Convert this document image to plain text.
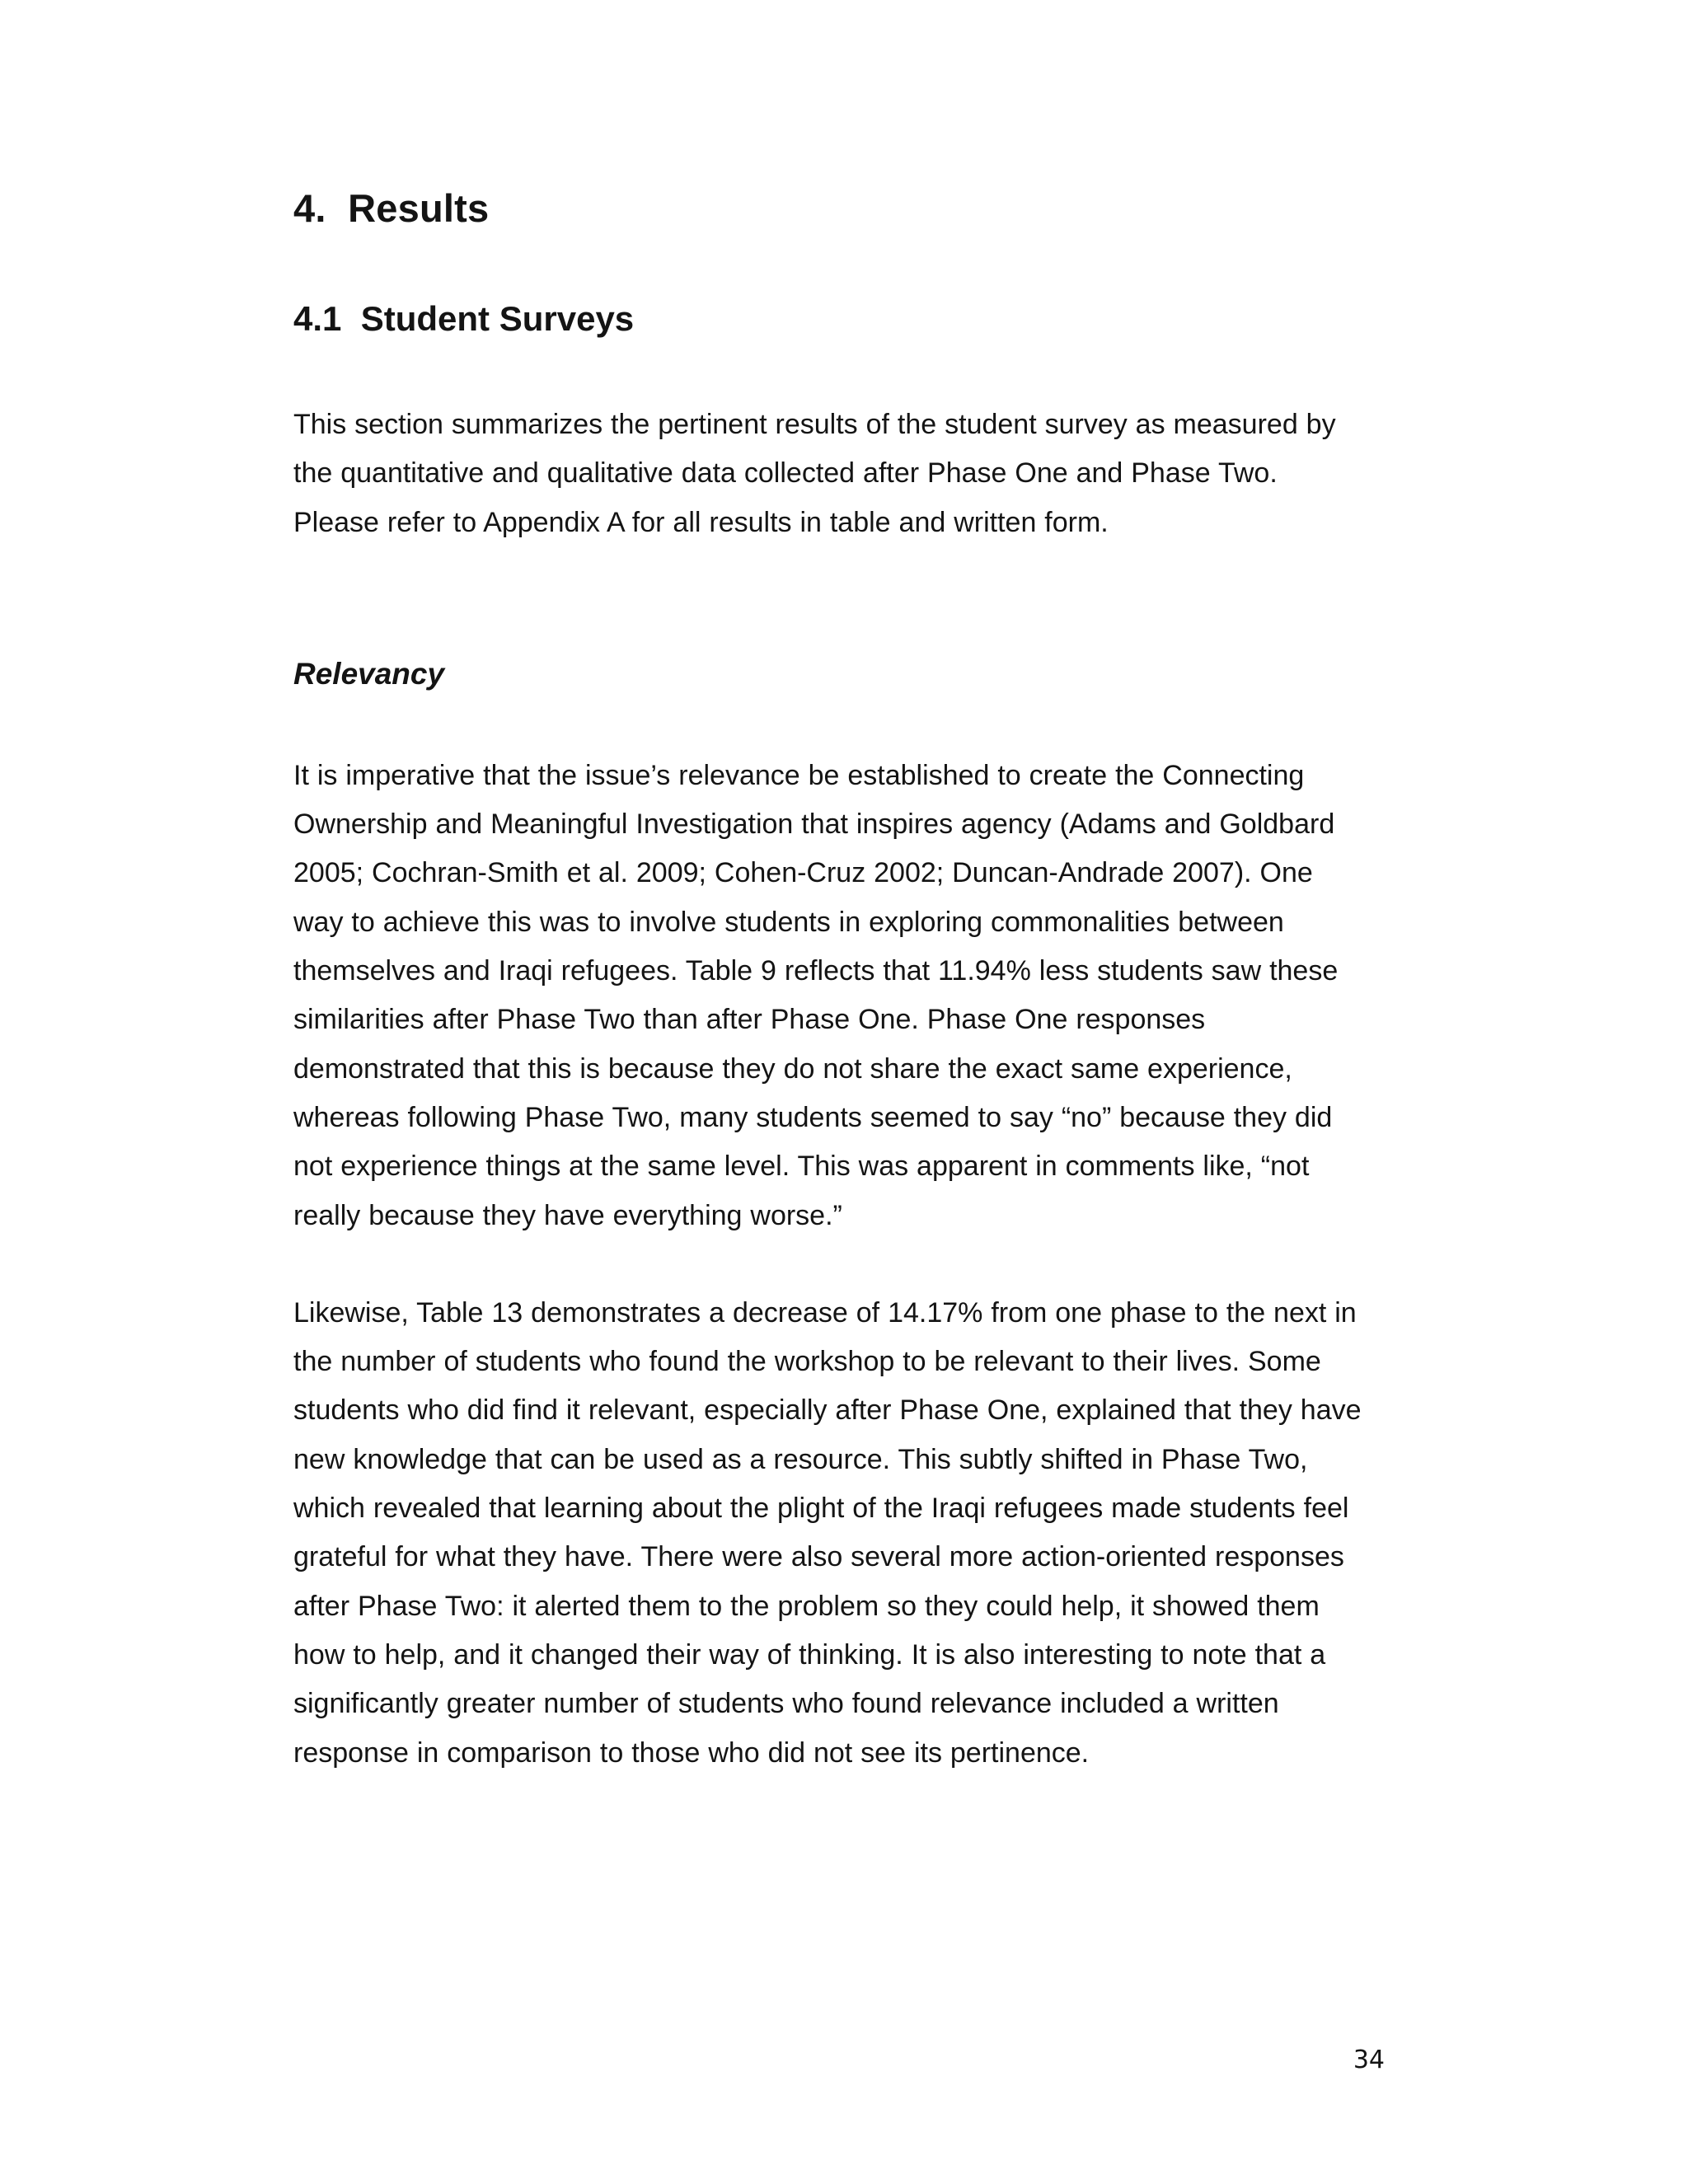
4. Results
4.1 Student Surveys

This section summarizes the pertinent results of the student survey as measured by
the quantitative and qualitative data collected after Phase One and Phase Two.
Please refer to Appendix A for all results in table and written form.

Relevancy

It is imperative that the issue’s relevance be established to create the Connecting
Ownership and Meaningful Investigation that inspires agency (Adams and Goldbard
2005; Cochran-Smith et al. 2009; Cohen-Cruz 2002; Duncan-Andrade 2007). One
way to achieve this was to involve students in exploring commonalities between
themselves and Iraqi refugees. Table 9 reflects that 11.94% less students saw these
similarities after Phase Two than after Phase One. Phase One responses
demonstrated that this is because they do not share the exact same experience,
whereas following Phase Two, many students seemed to say “no” because they did
not experience things at the same level. This was apparent in comments like, “not
really because they have everything worse.”

Likewise, Table 13 demonstrates a decrease of 14.17% from one phase to the next in
the number of students who found the workshop to be relevant to their lives. Some
students who did find it relevant, especially after Phase One, explained that they have
new knowledge that can be used as a resource. This subtly shifted in Phase Two,
which revealed that learning about the plight of the Iraqi refugees made students feel
grateful for what they have. There were also several more action-oriented responses
after Phase Two: it alerted them to the problem so they could help, it showed them
how to help, and it changed their way of thinking. It is also interesting to note that a
significantly greater number of students who found relevance included a written
response in comparison to those who did not see its pertinence.

34
